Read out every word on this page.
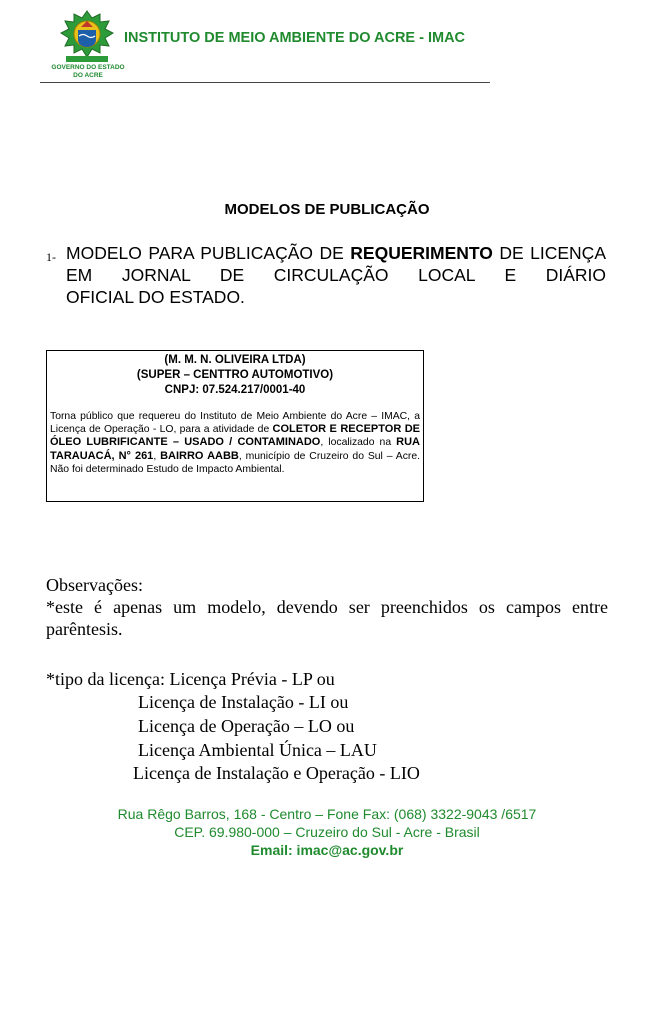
GOVERNO DO ESTADO
DO ACRE
INSTITUTO DE MEIO AMBIENTE DO ACRE - IMAC
MODELOS DE PUBLICAÇÃO
1- MODELO PARA PUBLICAÇÃO DE REQUERIMENTO DE LICENÇA EM JORNAL DE CIRCULAÇÃO LOCAL E DIÁRIO
OFICIAL DO ESTADO.
(M. M. N. OLIVEIRA LTDA)
(SUPER – CENTTRO AUTOMOTIVO)
CNPJ: 07.524.217/0001-40
Torna público que requereu do Instituto de Meio Ambiente do Acre – IMAC, a Licença de Operação - LO, para a atividade de COLETOR E RECEPTOR DE ÓLEO LUBRIFICANTE – USADO / CONTAMINADO, localizado na RUA TARAUACÁ, N° 261, BAIRRO AABB, município de Cruzeiro do Sul – Acre. Não foi determinado Estudo de Impacto Ambiental.

Observações:

*este é apenas um modelo, devendo ser preenchidos os campos entre parêntesis.

*tipo da licença: Licença Prévia - LP ou
Licença de Instalação - LI ou
Licença de Operação – LO ou
Licença Ambiental Única – LAU
Licença de Instalação e Operação - LIO
Rua Rêgo Barros, 168 - Centro – Fone Fax: (068) 3322-9043 /6517
CEP. 69.980-000 – Cruzeiro do Sul - Acre - Brasil
Email: imac@ac.gov.br
